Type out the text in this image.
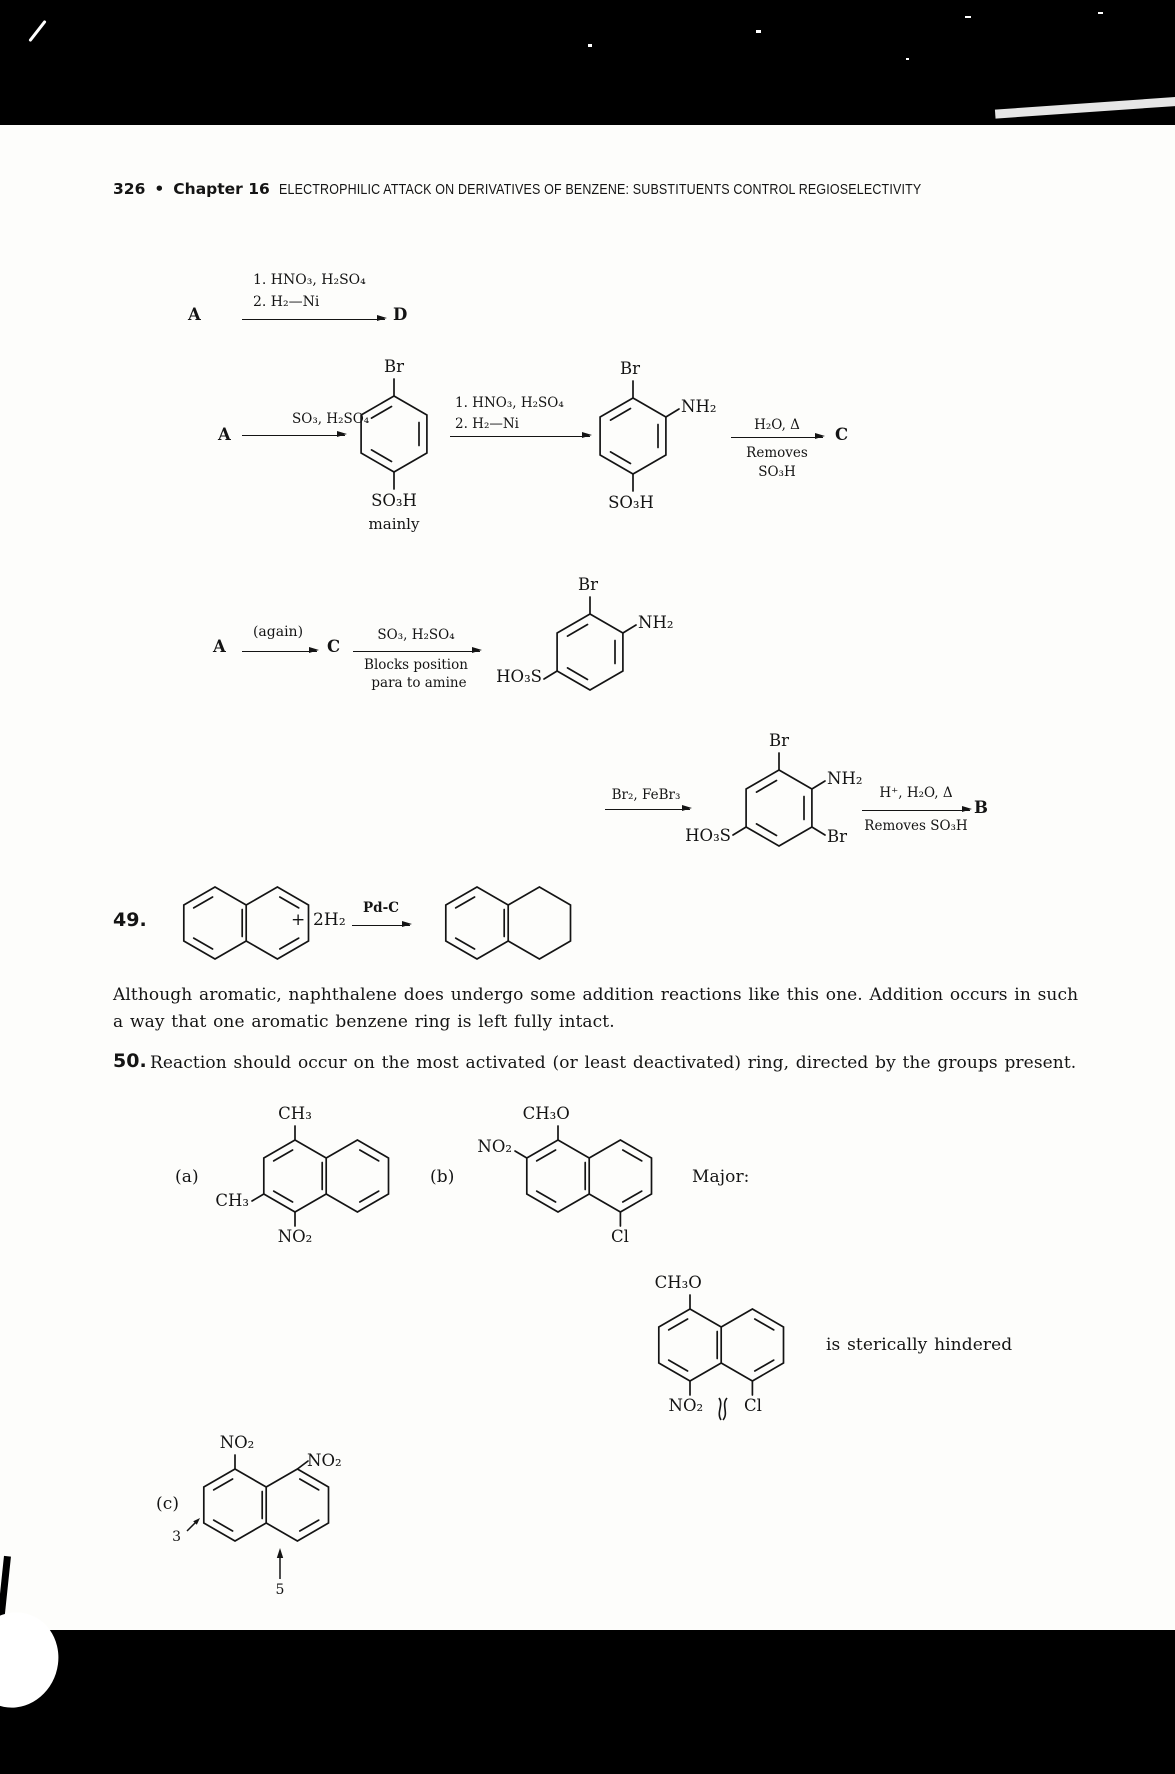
326 • Chapter 16 ELECTROPHILIC ATTACK ON DERIVATIVES OF BENZENE: SUBSTITUENTS CONTROL REGIOSELECTIVITY
A
1. HNO₃, H₂SO₄
2. H₂—Ni
D
A
SO₃, H₂SO₄
Br
SO₃H
mainly
1. HNO₃, H₂SO₄
2. H₂—Ni
Br
NH₂
SO₃H
H₂O, Δ
Removes
SO₃H
C
A
(again)
C
SO₃, H₂SO₄
Blocks position
para to amine
Br
NH₂
HO₃S
Br₂, FeBr₃
Br
NH₂
Br
HO₃S
H⁺, H₂O, Δ
Removes SO₃H
B
49.	+ 2H₂
Pd-C
Although aromatic, naphthalene does undergo some addition reactions like this one. Addition occurs in such
a way that one aromatic benzene ring is left fully intact.
50. Reaction should occur on the most activated (or least deactivated) ring, directed by the groups present.
(a)
CH₃
CH₃
NO₂
(b)
CH₃O
NO₂
Cl
Major:
CH₃O
NO₂ Cl
is sterically hindered
(c)
NO₂
NO₂
3
5
